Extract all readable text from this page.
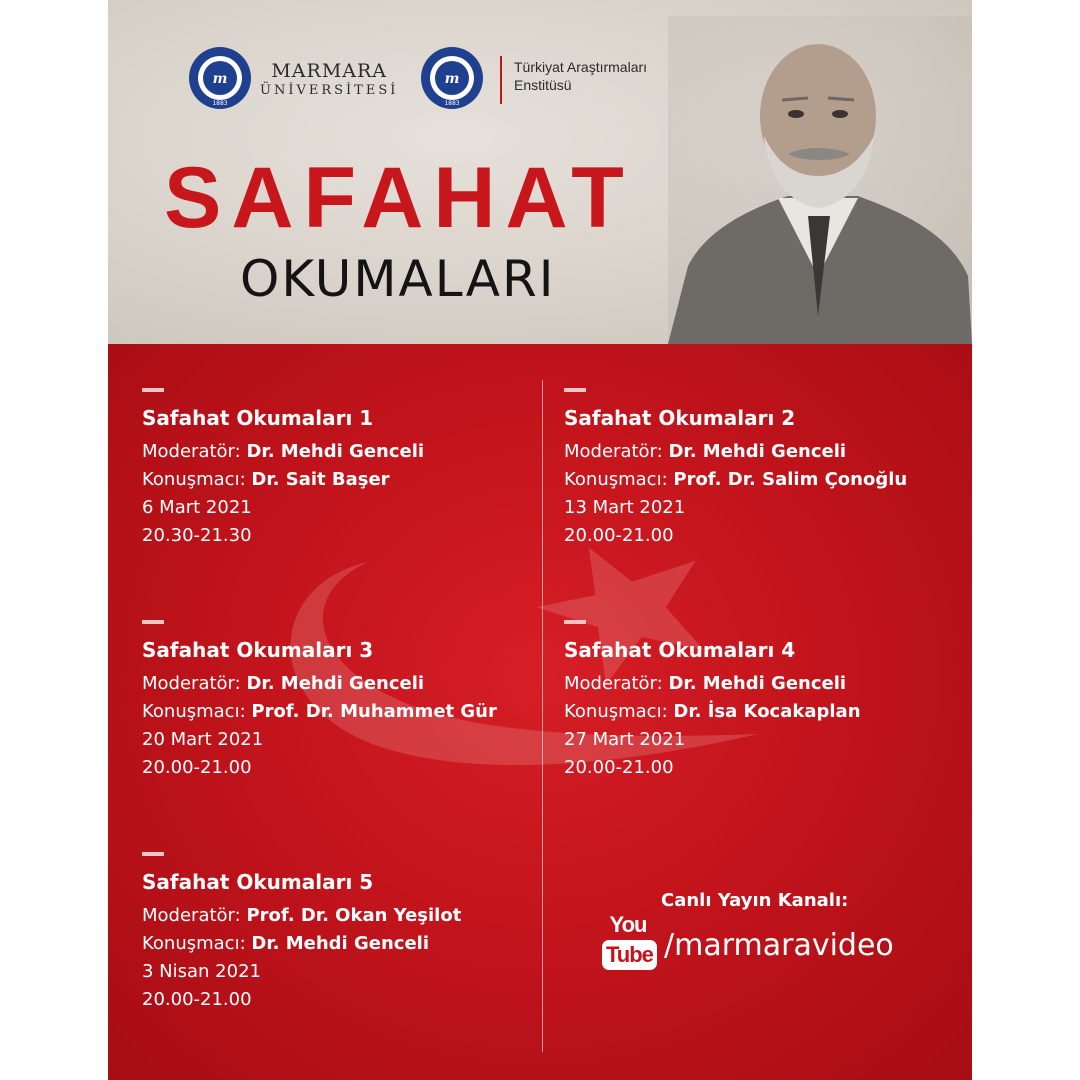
m
1883
MARMARA
ÜNİVERSİTESİ
m
1883
Türkiyat Araştırmaları
Enstitüsü
SAFAHAT
OKUMALARI
Safahat Okumaları 1
Moderatör: Dr. Mehdi Genceli
Konuşmacı: Dr. Sait Başer
6 Mart 2021
20.30-21.30
Safahat Okumaları 2
Moderatör: Dr. Mehdi Genceli
Konuşmacı: Prof. Dr. Salim Çonoğlu
13 Mart 2021
20.00-21.00
Safahat Okumaları 3
Moderatör: Dr. Mehdi Genceli
Konuşmacı: Prof. Dr. Muhammet Gür
20 Mart 2021
20.00-21.00
Safahat Okumaları 4
Moderatör: Dr. Mehdi Genceli
Konuşmacı: Dr. İsa Kocakaplan
27 Mart 2021
20.00-21.00
Safahat Okumaları 5
Moderatör: Prof. Dr. Okan Yeşilot
Konuşmacı: Dr. Mehdi Genceli
3 Nisan 2021
20.00-21.00
Canlı Yayın Kanalı:
You
Tube /marmaravideo
